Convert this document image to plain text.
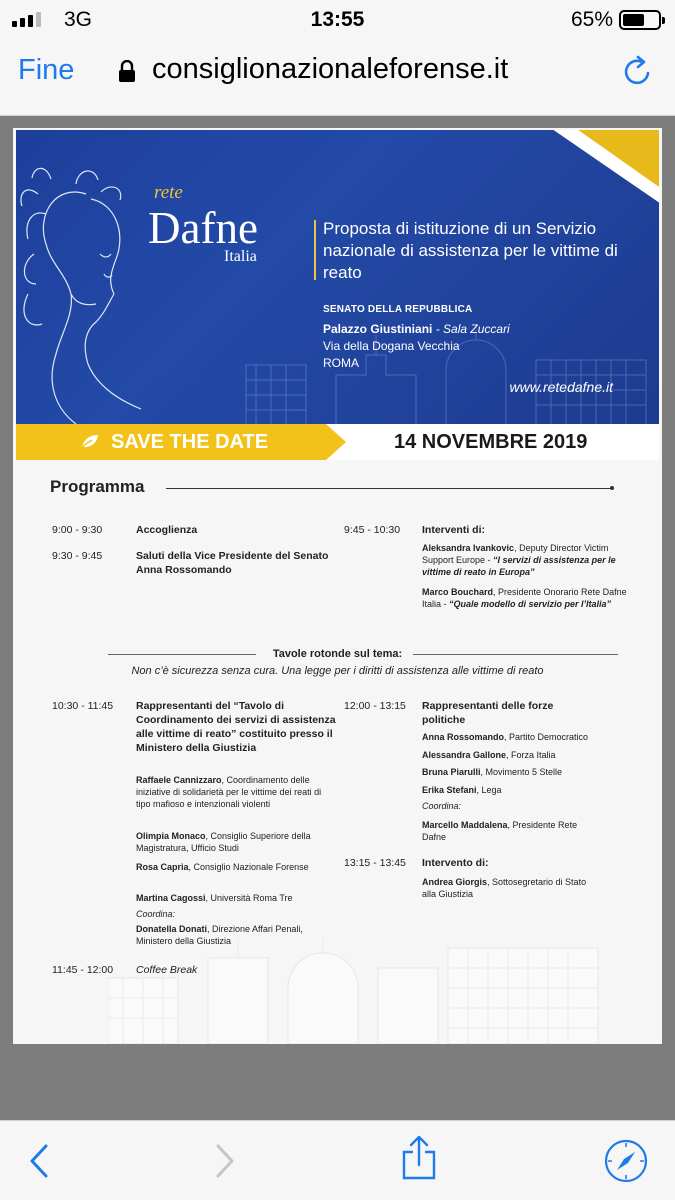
3G	13:55	65%
Fine	consiglionazionaleforense.it
rete
Dafne
Italia
Proposta di istituzione di un Servizio nazionale di assistenza per le vittime di reato
SENATO DELLA REPUBBLICA
Palazzo Giustiniani - Sala Zuccari
Via della Dogana Vecchia
ROMA
www.retedafne.it
SAVE THE DATE	14 NOVEMBRE 2019
Programma
9:00 - 9:30	Accoglienza
9:30 - 9:45	Saluti della Vice Presidente del Senato Anna Rossomando
9:45 - 10:30 Interventi di:
Aleksandra Ivankovic, Deputy Director Victim Support Europe - “I servizi di assistenza per le vittime di reato in Europa”
Marco Bouchard, Presidente Onorario Rete Dafne Italia - “Quale modello di servizio per l’Italia”
Tavole rotonde sul tema:
Non c’è sicurezza senza cura. Una legge per i diritti di assistenza alle vittime di reato
10:30 - 11:45 Rappresentanti del “Tavolo di Coordinamento dei servizi di assistenza alle vittime di reato” costituito presso il Ministero della Giustizia
Raffaele Cannizzaro, Coordinamento delle iniziative di solidarietà per le vittime dei reati di tipo mafioso e intenzionali violenti
Olimpia Monaco, Consiglio Superiore della Magistratura, Ufficio Studi
Rosa Capria, Consiglio Nazionale Forense
Martina Cagossi, Università Roma Tre
Coordina:
Donatella Donati, Direzione Affari Penali, Ministero della Giustizia
11:45 - 12:00 Coffee Break
12:00 - 13:15 Rappresentanti delle forze politiche
Anna Rossomando, Partito Democratico
Alessandra Gallone, Forza Italia
Bruna Piarulli, Movimento 5 Stelle
Erika Stefani, Lega
Coordina:
Marcello Maddalena, Presidente Rete Dafne
13:15 - 13:45 Intervento di:
Andrea Giorgis, Sottosegretario di Stato alla Giustizia
